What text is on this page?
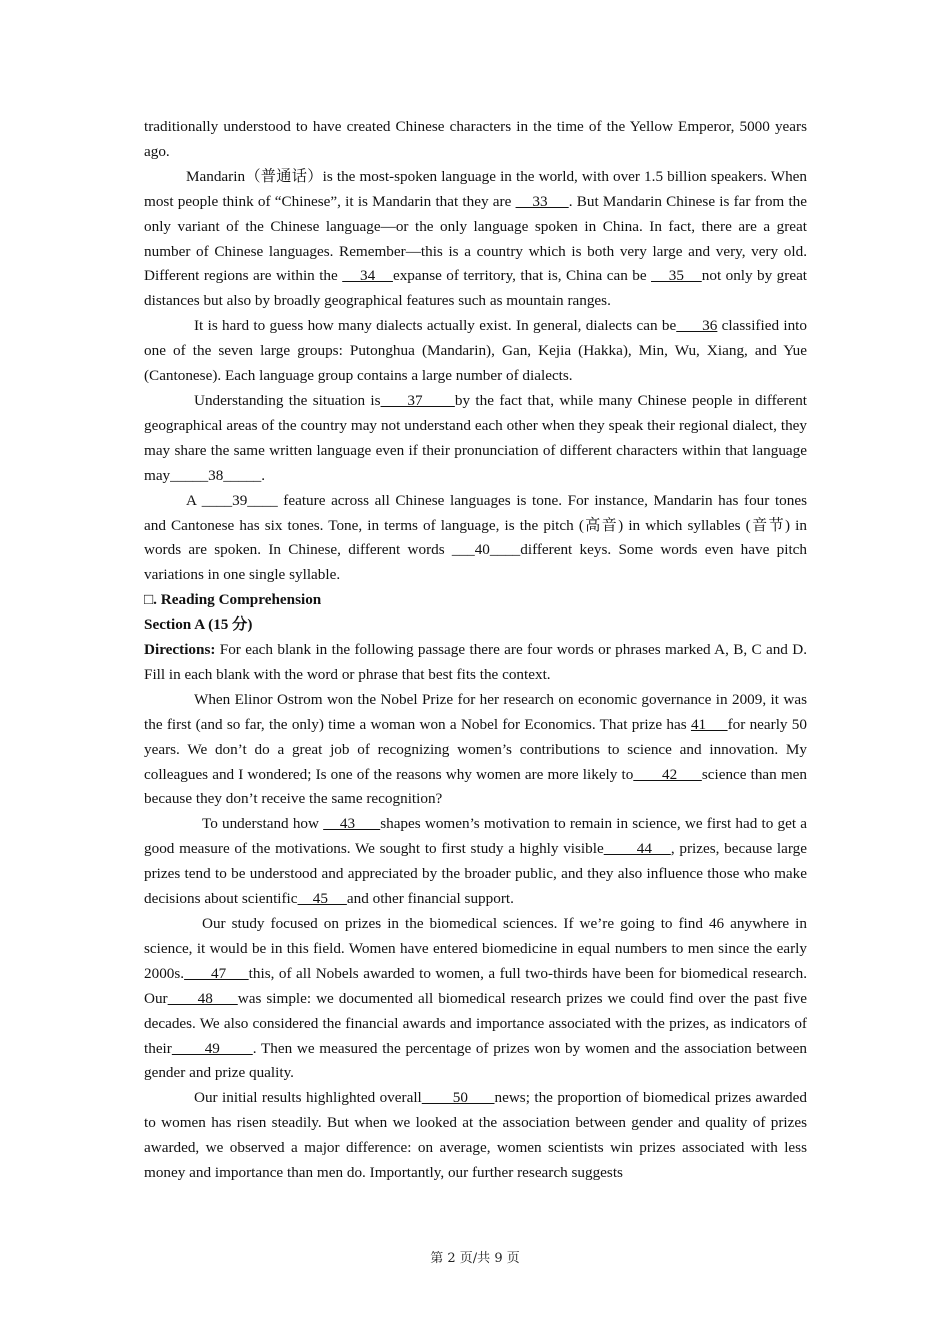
traditionally understood to have created Chinese characters in the time of the Yellow Emperor, 5000 years ago.

Mandarin（普通话）is the most-spoken language in the world, with over 1.5 billion speakers. When most people think of “Chinese”, it is Mandarin that they are     33     . But Mandarin Chinese is far from the only variant of the Chinese language—or the only language spoken in China. In fact, there are a great number of Chinese languages. Remember—this is a country which is both very large and very, very old. Different regions are within the     34    expanse of territory, that is, China can be     35    not only by great distances but also by broadly geographical features such as mountain ranges.

It is hard to guess how many dialects actually exist. In general, dialects can be      36 classified into one of the seven large groups: Putonghua (Mandarin), Gan, Kejia (Hakka), Min, Wu, Xiang, and Yue (Cantonese). Each language group contains a large number of dialects.

Understanding the situation is     37      by the fact that, while many Chinese people in different geographical areas of the country may not understand each other when they speak their regional dialect, they may share the same written language even if their pronunciation of different characters within that language may_____38_____.

A ____39____ feature across all Chinese languages is tone. For instance, Mandarin has four tones and Cantonese has six tones. Tone, in terms of language, is the pitch (高音) in which syllables (音节) in words are spoken. In Chinese, different words ___40____different keys. Some words even have pitch variations in one single syllable.

□. Reading Comprehension

Section A (15 分)

Directions: For each blank in the following passage there are four words or phrases marked A, B, C and D. Fill in each blank with the word or phrase that best fits the context.

When Elinor Ostrom won the Nobel Prize for her research on economic governance in 2009, it was the first (and so far, the only) time a woman won a Nobel for Economics. That prize has 41     for nearly 50 years. We don’t do a great job of recognizing women’s contributions to science and innovation. My colleagues and I wondered; Is one of the reasons why women are more likely to       42      science than men because they don’t receive the same recognition?

To understand how     43      shapes women’s motivation to remain in science, we first had to get a good measure of the motivations. We sought to first study a highly visible       44    , prizes, because large prizes tend to be understood and appreciated by the broader public, and they also influence those who make decisions about scientific    45     and other financial support.

Our study focused on prizes in the biomedical sciences. If we’re going to find 46 anywhere in science, it would be in this field. Women have entered biomedicine in equal numbers to men since the early 2000s.      47     this, of all Nobels awarded to women, a full two-thirds have been for biomedical research. Our      48     was simple: we documented all biomedical research prizes we could find over the past five decades. We also considered the financial awards and importance associated with the prizes, as indicators of their       49       . Then we measured the percentage of prizes won by women and the association between gender and prize quality.

Our initial results highlighted overall       50      news; the proportion of biomedical prizes awarded to women has risen steadily. But when we looked at the association between gender and quality of prizes awarded, we observed a major difference: on average, women scientists win prizes associated with less money and importance than men do. Importantly, our further research suggests

第 2 页/共 9 页
